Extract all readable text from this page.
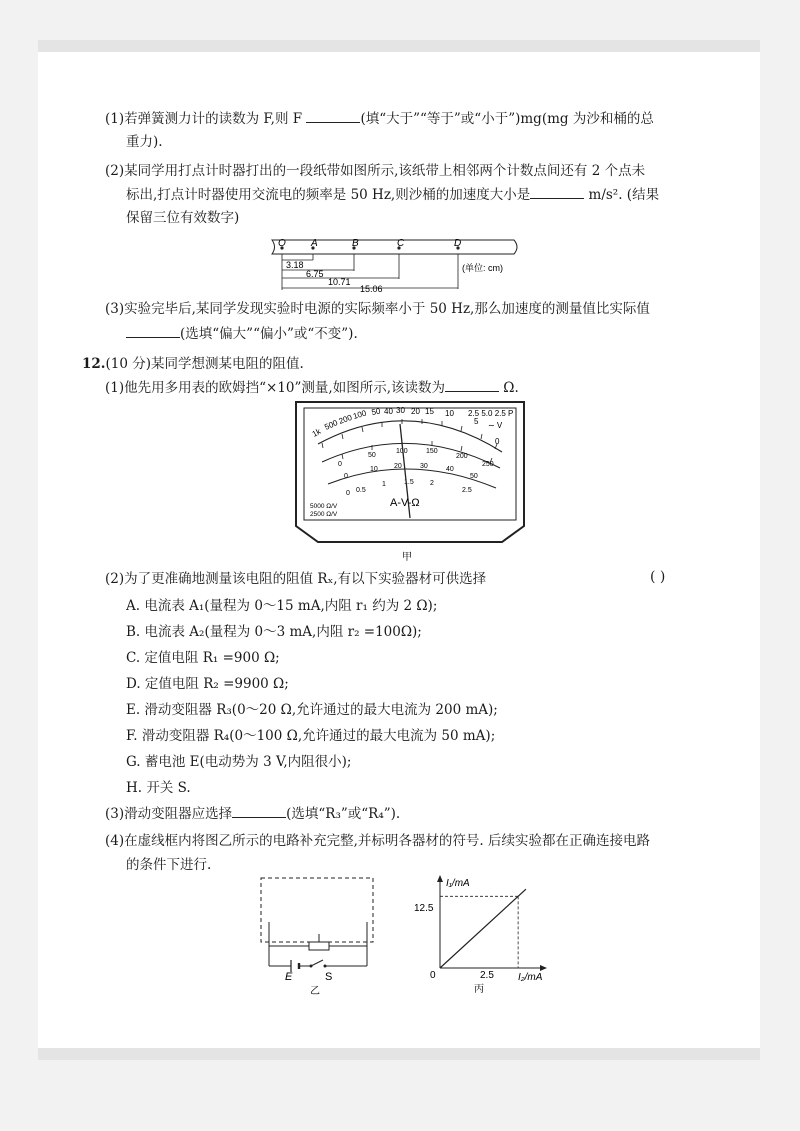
(1)若弹簧测力计的读数为 F,则 F	(填“大于”“等于”或“小于”)mg(mg 为沙和桶的总
重力).
(2)某同学用打点计时器打出的一段纸带如图所示,该纸带上相邻两个计数点间还有 2 个点未
标出,打点计时器使用交流电的频率是 50 Hz,则沙桶的加速度大小是	m/s². (结果
保留三位有效数字)
O	A	B	C	D
3.18
6.75
10.71
15.06
(单位: cm)
(3)实验完毕后,某同学发现实验时电源的实际频率小于 50 Hz,那么加速度的测量值比实际值
(选填“偏大”“偏小”或“不变”).
12.(10 分)某同学想测某电阻的阻值.
(1)他先用多用表的欧姆挡“×10”测量,如图所示,该读数为	Ω.
1k
500
200
100 50 40 30 20 15 10
5
0
2.5 5.0 2.5 P
∼ V
0
50
100	150
200
250
0
10 20	30	40
50
0 0.5
1	1.5 2
2.5
A-V-Ω
5000 Ω/V
2500 Ω/V
甲
(2)为了更准确地测量该电阻的阻值 Rₓ,有以下实验器材可供选择	( )
A. 电流表 A₁(量程为 0～15 mA,内阻 r₁ 约为 2 Ω);
B. 电流表 A₂(量程为 0～3 mA,内阻 r₂ =100Ω);
C. 定值电阻 R₁ =900 Ω;
D. 定值电阻 R₂ =9900 Ω;
E. 滑动变阻器 R₃(0～20 Ω,允许通过的最大电流为 200 mA);
F. 滑动变阻器 R₄(0～100 Ω,允许通过的最大电流为 50 mA);
G. 蓄电池 E(电动势为 3 V,内阻很小);
H. 开关 S.
(3)滑动变阻器应选择	(选填“R₃”或“R₄”).
(4)在虚线框内将图乙所示的电路补充完整,并标明各器材的符号. 后续实验都在正确连接电路
的条件下进行.
E	S
乙
I₁/mA
I₂/mA
0
12.5
2.5
丙
